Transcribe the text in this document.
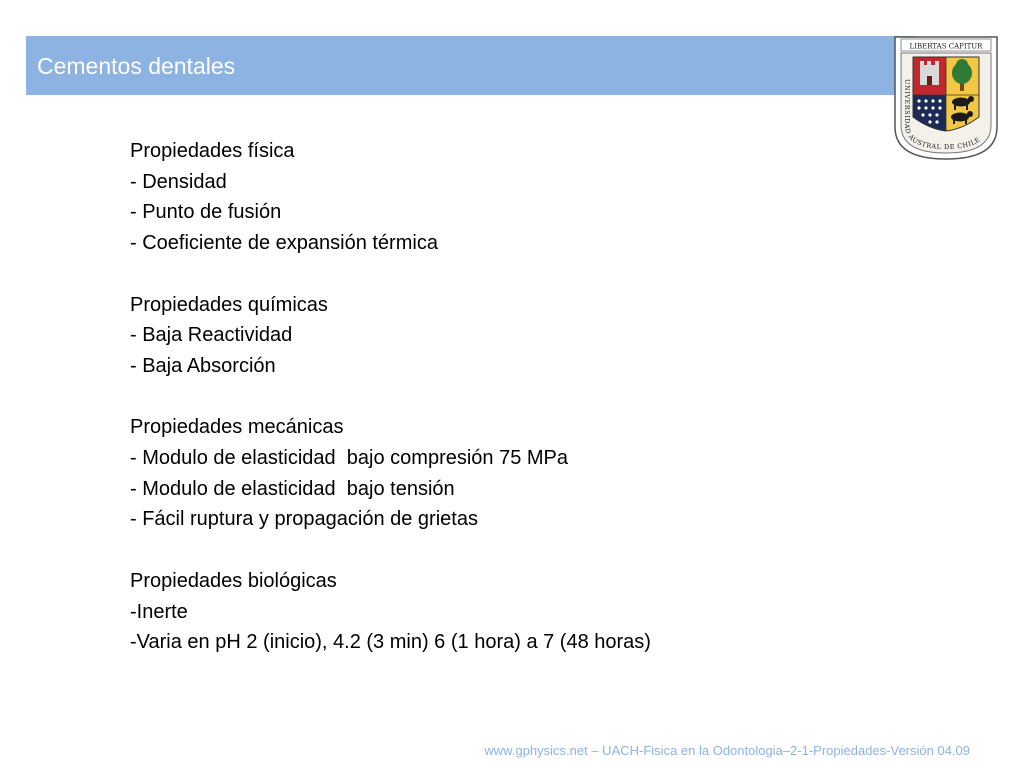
Cementos dentales
LIBERTAS CAPITUR
UNIVERSIDAD AUSTRAL DE CHILE
Propiedades física
- Densidad
- Punto de fusión
- Coeficiente de expansión térmica
Propiedades químicas
- Baja Reactividad
- Baja Absorción
Propiedades mecánicas
- Modulo de elasticidad  bajo compresión 75 MPa
- Modulo de elasticidad  bajo tensión
- Fácil ruptura y propagación de grietas
Propiedades biológicas
-Inerte
-Varia en pH 2 (inicio), 4.2 (3 min) 6 (1 hora) a 7 (48 horas)
www.gphysics.net – UACH-Fisica en la Odontologia–2-1-Propiedades-Versión 04.09
